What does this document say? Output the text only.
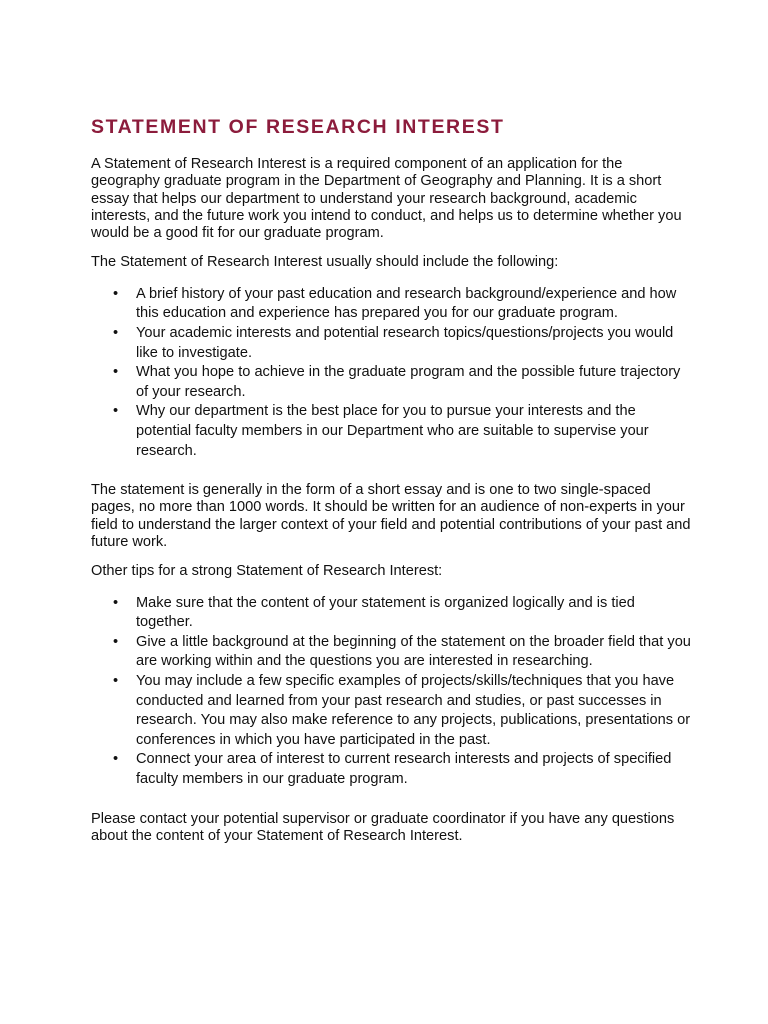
STATEMENT OF RESEARCH INTEREST

A Statement of Research Interest is a required component of an application for the geography graduate program in the Department of Geography and Planning. It is a short essay that helps our department to understand your research background, academic interests, and the future work you intend to conduct, and helps us to determine whether you would be a good fit for our graduate program.

The Statement of Research Interest usually should include the following:

• A brief history of your past education and research background/experience and how this education and experience has prepared you for our graduate program.
• Your academic interests and potential research topics/questions/projects you would like to investigate.
• What you hope to achieve in the graduate program and the possible future trajectory of your research.
• Why our department is the best place for you to pursue your interests and the potential faculty members in our Department who are suitable to supervise your research.

The statement is generally in the form of a short essay and is one to two single-spaced pages, no more than 1000 words. It should be written for an audience of non-experts in your field to understand the larger context of your field and potential contributions of your past and future work.

Other tips for a strong Statement of Research Interest:

• Make sure that the content of your statement is organized logically and is tied together.
• Give a little background at the beginning of the statement on the broader field that you are working within and the questions you are interested in researching.
• You may include a few specific examples of projects/skills/techniques that you have conducted and learned from your past research and studies, or past successes in research. You may also make reference to any projects, publications, presentations or conferences in which you have participated in the past.
• Connect your area of interest to current research interests and projects of specified faculty members in our graduate program.

Please contact your potential supervisor or graduate coordinator if you have any questions about the content of your Statement of Research Interest.
